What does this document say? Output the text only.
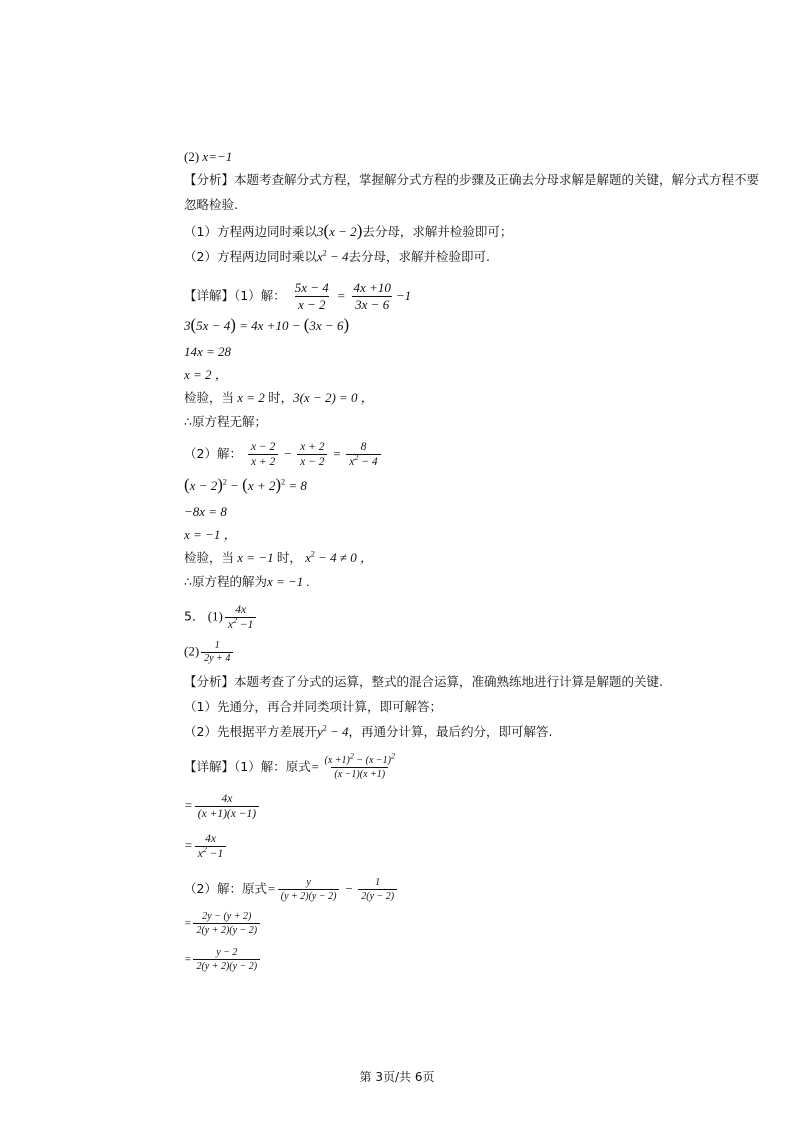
(2) x=−1
【分析】本题考查解分式方程，掌握解分式方程的步骤及正确去分母求解是解题的关键，解分式方程不要
忽略检验.
（1）方程两边同时乘以3(x − 2)去分母，求解并检验即可；
（2）方程两边同时乘以$x^2 - 4$去分母，求解并检验即可.
【详解】（1）解： $\frac{5x - 4}{x - 2} = \frac{4x +10}{3x - 6} -1$
3(5x − 4) = 4x +10 − (3x − 6)
14x = 28
x = 2 ，
检验，当 x = 2 时，3(x − 2) = 0 ，
∴原方程无解；
（2）解： $\frac{x - 2}{x + 2} - \frac{x + 2}{x - 2} = \frac{8}{x^2 - 4}$
$(x - 2)^2 - (x + 2)^2 = 8$
−8x = 8
x = −1 ，
检验，当 x = −1 时， $x^2 - 4 \ne 0$ ，
∴原方程的解为x = −1 .
5． $(1) \frac{4x}{x^2 -1}$
$(2) \frac{1}{2y + 4}$
【分析】本题考查了分式的运算，整式的混合运算，准确熟练地进行计算是解题的关键.
（1）先通分，再合并同类项计算，即可解答；
（2）先根据平方差展开$y^2 - 4$，再通分计算，最后约分，即可解答.
【详解】（1）解：原式= $\frac{(x +1)^2 - (x -1)^2}{(x -1)(x +1)}$
= $\frac{4x}{(x +1)(x -1)}$
= $\frac{4x}{x^2 -1}$
（2）解：原式= $\frac{y}{(y + 2)(y - 2)} - \frac{1}{2(y - 2)}$
= $\frac{2y - (y + 2)}{2(y + 2)(y - 2)}$
= $\frac{y - 2}{2(y + 2)(y - 2)}$
第 3页/共 6页
